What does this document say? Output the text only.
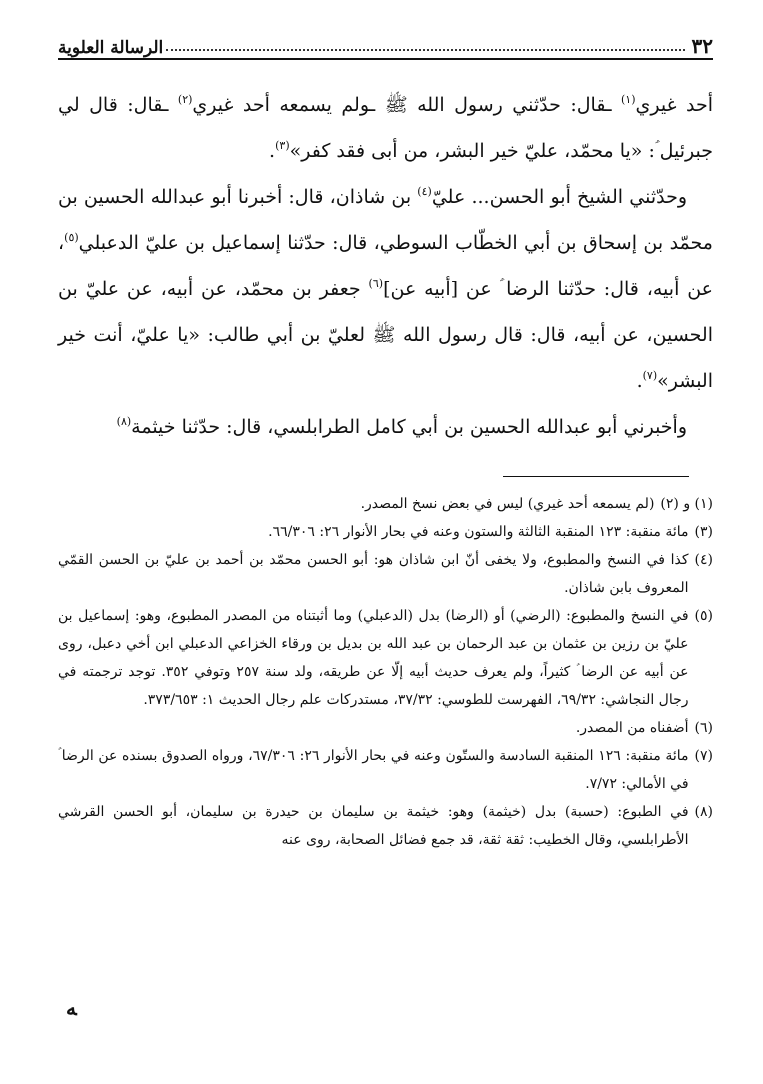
٣٢
الرسالة العلوية

أحد غيري$^{(١)}$ ـقال: حدّثني رسول الله ﷺ ـولم يسمعه أحد غيري$^{(٢)}$ ـقال: قال لي جبرئيل ؑ: «يا محمّد، عليّ خير البشر، من أبى فقد كفر»$^{(٣)}$.

وحدّثني الشيخ أبو الحسن... عليّ$^{(٤)}$ بن شاذان، قال: أخبرنا أبو عبدالله الحسين بن محمّد بن إسحاق بن أبي الخطّاب السوطي، قال: حدّثنا إسماعيل بن عليّ الدعبلي$^{(٥)}$، عن أبيه، قال: حدّثنا الرضا ؑ عن [أبيه عن]$^{(٦)}$ جعفر بن محمّد، عن أبيه، عن عليّ بن الحسين، عن أبيه، قال: قال رسول الله ﷺ لعليّ بن أبي طالب: «يا عليّ، أنت خير البشر»$^{(٧)}$.

وأخبرني أبو عبدالله الحسين بن أبي كامل الطرابلسي، قال: حدّثنا خيثمة$^{(٨)}$

(١) و (٢)
(لم يسمعه أحد غيري) ليس في بعض نسخ المصدر.
(٣)
مائة منقبة: ١٢٣ المنقبة الثالثة والستون وعنه في بحار الأنوار ٢٦: ٦٦/٣٠٦.
(٤)
كذا في النسخ والمطبوع، ولا يخفى أنّ ابن شاذان هو: أبو الحسن محمّد بن أحمد بن عليّ بن الحسن القمّي المعروف بابن شاذان.
(٥)
في النسخ والمطبوع: (الرضي) أو (الرضا) بدل (الدعبلي) وما أثبتناه من المصدر المطبوع، وهو: إسماعيل بن عليّ بن رزين بن عثمان بن عبد الرحمان بن عبد الله بن بديل بن ورقاء الخزاعي الدعبلي ابن أخي دعبل، روى عن أبيه عن الرضا ؑ كثيراً، ولم يعرف حديث أبيه إلّا عن طريقه، ولد سنة ٢٥٧ وتوفي ٣٥٢. توجد ترجمته في رجال النجاشي: ٦٩/٣٢، الفهرست للطوسي: ٣٧/٣٢، مستدركات علم رجال الحديث ١: ٣٧٣/٦٥٣.
(٦)
أضفناه من المصدر.
(٧)
مائة منقبة: ١٢٦ المنقبة السادسة والستّون وعنه في بحار الأنوار ٢٦: ٦٧/٣٠٦، ورواه الصدوق بسنده عن الرضا ؑ في الأمالي: ٧/٧٢.
(٨)
في الطبوع: (حسبة) بدل (خيثمة) وهو: خيثمة بن سليمان بن حيدرة بن سليمان، أبو الحسن القرشي الأطرابلسي، وقال الخطيب: ثقة ثقة، قد جمع فضائل الصحابة، روى عنه
ﻪ
